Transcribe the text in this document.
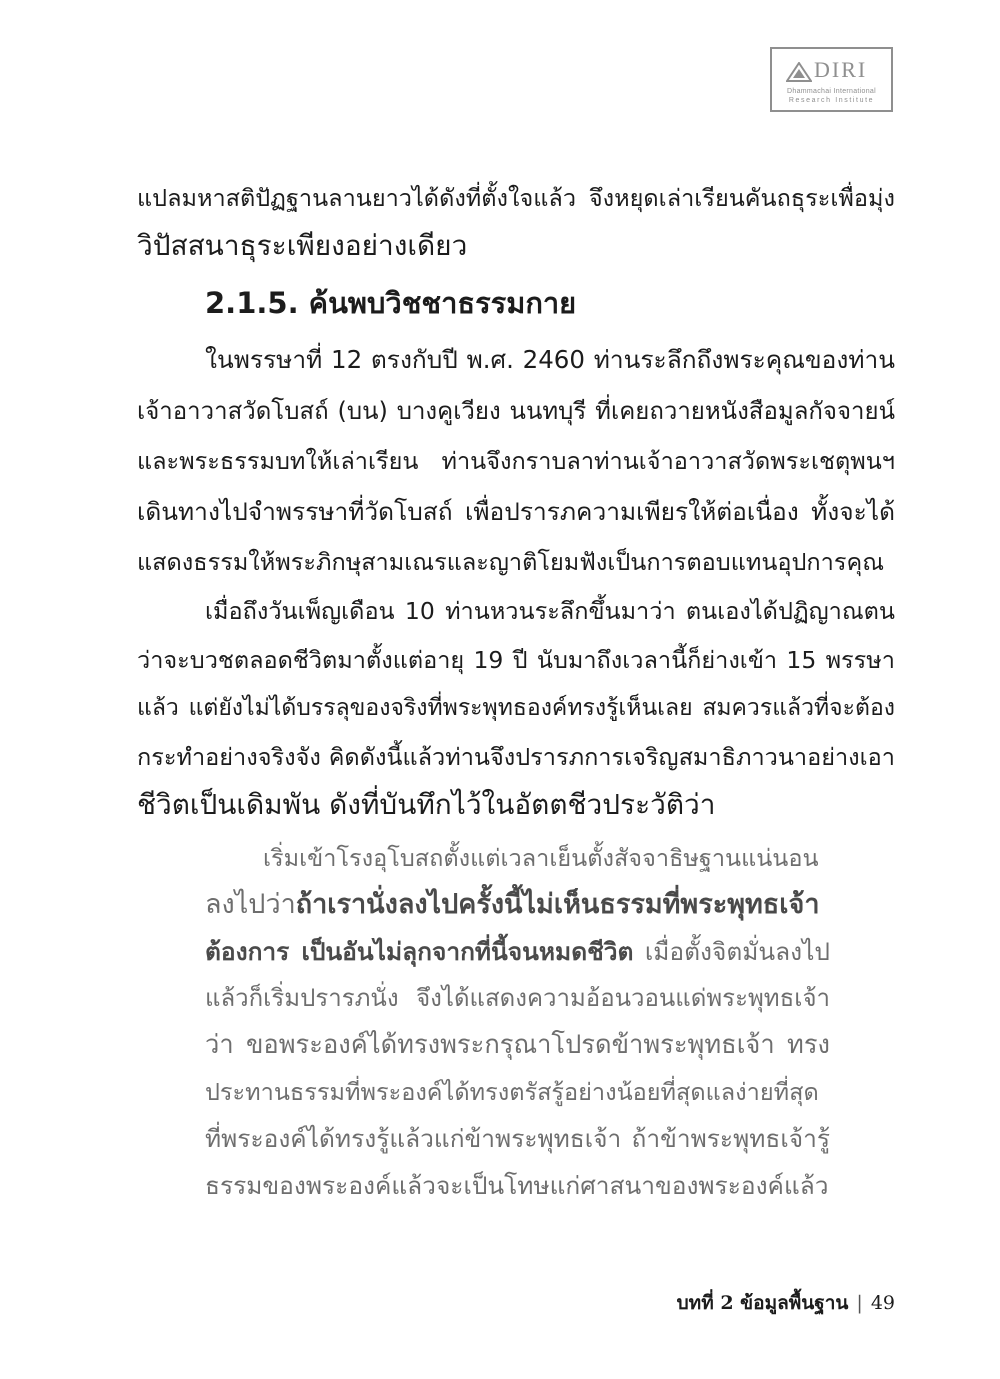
DIRI
Dhammachai International
Research Institute
แปลมหาสติปัฏฐานลานยาวได้ดังที่ตั้งใจแล้ว จึงหยุดเล่าเรียนคันถธุระเพื่อมุ่ง
วิปัสสนาธุระเพียงอย่างเดียว
2.1.5. ค้นพบวิชชาธรรมกาย
ในพรรษาที่ 12 ตรงกับปี พ.ศ. 2460 ท่านระลึกถึงพระคุณของท่าน
เจ้าอาวาสวัดโบสถ์ (บน) บางคูเวียง นนทบุรี ที่เคยถวายหนังสือมูลกัจจายน์
และพระธรรมบทให้เล่าเรียน ท่านจึงกราบลาท่านเจ้าอาวาสวัดพระเชตุพนฯ
เดินทางไปจำพรรษาที่วัดโบสถ์ เพื่อปรารภความเพียรให้ต่อเนื่อง ทั้งจะได้
แสดงธรรมให้พระภิกษุสามเณรและญาติโยมฟังเป็นการตอบแทนอุปการคุณ
เมื่อถึงวันเพ็ญเดือน 10 ท่านหวนระลึกขึ้นมาว่า ตนเองได้ปฏิญาณตน
ว่าจะบวชตลอดชีวิตมาตั้งแต่อายุ 19 ปี นับมาถึงเวลานี้ก็ย่างเข้า 15 พรรษา
แล้ว แต่ยังไม่ได้บรรลุของจริงที่พระพุทธองค์ทรงรู้เห็นเลย สมควรแล้วที่จะต้อง
กระทำอย่างจริงจัง คิดดังนี้แล้วท่านจึงปรารภการเจริญสมาธิภาวนาอย่างเอา
ชีวิตเป็นเดิมพัน ดังที่บันทึกไว้ในอัตตชีวประวัติว่า
เริ่มเข้าโรงอุโบสถตั้งแต่เวลาเย็นตั้งสัจจาธิษฐานแน่นอน
ลงไปว่าถ้าเรานั่งลงไปครั้งนี้ไม่เห็นธรรมที่พระพุทธเจ้า
ต้องการ เป็นอันไม่ลุกจากที่นี้จนหมดชีวิต เมื่อตั้งจิตมั่นลงไป
แล้วก็เริ่มปรารภนั่ง จึงได้แสดงความอ้อนวอนแด่พระพุทธเจ้า
ว่า ขอพระองค์ได้ทรงพระกรุณาโปรดข้าพระพุทธเจ้า ทรง
ประทานธรรมที่พระองค์ได้ทรงตรัสรู้อย่างน้อยที่สุดแลง่ายที่สุด
ที่พระองค์ได้ทรงรู้แล้วแก่ข้าพระพุทธเจ้า ถ้าข้าพระพุทธเจ้ารู้
ธรรมของพระองค์แล้วจะเป็นโทษแก่ศาสนาของพระองค์แล้ว
บทที่ 2 ข้อมูลพื้นฐาน | 49
